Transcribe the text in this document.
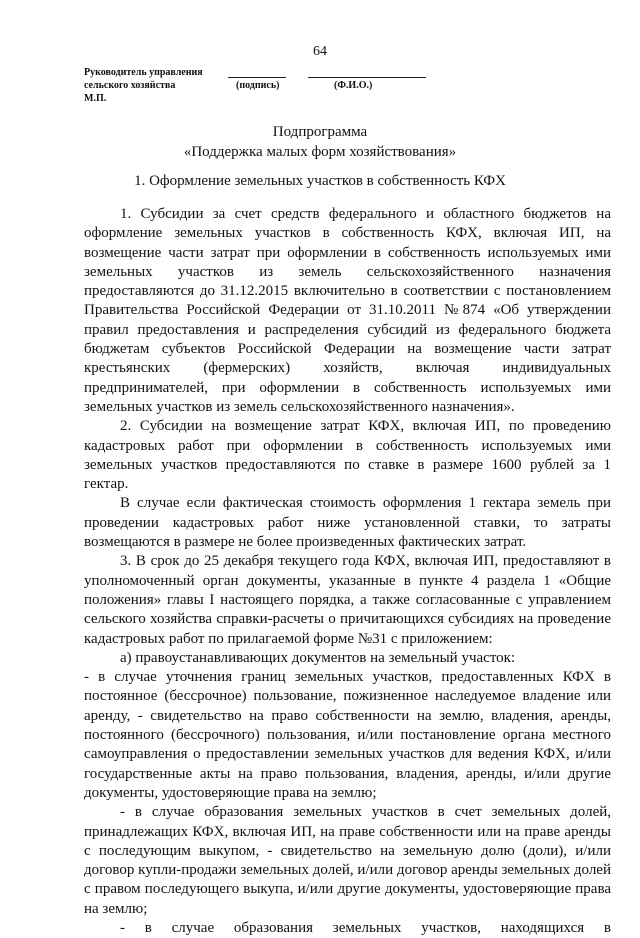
64
Руководитель управления
сельского хозяйства
М.П.
(подпись)	(Ф.И.О.)
Подпрограмма
«Поддержка малых форм хозяйствования»
1. Оформление земельных участков в собственность КФХ

1. Субсидии за счет средств федерального и областного бюджетов на оформление земельных участков в собственность КФХ, включая ИП, на возмещение части затрат при оформлении в собственность используемых ими земельных участков из земель сельскохозяйственного назначения предоставляются до 31.12.2015 включительно в соответствии с постановлением Правительства Российской Федерации от 31.10.2011 №874 «Об утверждении правил предоставления и распределения субсидий из федерального бюджета бюджетам субъектов Российской Федерации на возмещение части затрат крестьянских (фермерских) хозяйств, включая индивидуальных предпринимателей, при оформлении в собственность используемых ими земельных участков из земель сельскохозяйственного назначения».

2. Субсидии на возмещение затрат КФХ, включая ИП, по проведению кадастровых работ при оформлении в собственность используемых ими земельных участков предоставляются по ставке в размере 1600 рублей за 1 гектар.

В случае если фактическая стоимость оформления 1 гектара земель при проведении кадастровых работ ниже установленной ставки, то затраты возмещаются в размере не более произведенных фактических затрат.

3. В срок до 25 декабря текущего года КФХ, включая ИП, предоставляют в уполномоченный орган документы, указанные в пункте 4 раздела 1 «Общие положения» главы I настоящего порядка, а также согласованные с управлением сельского хозяйства справки-расчеты о причитающихся субсидиях на проведение кадастровых работ по прилагаемой форме №31 с приложением:

а) правоустанавливающих документов на земельный участок:

- в случае уточнения границ земельных участков, предоставленных КФХ в постоянное (бессрочное) пользование, пожизненное наследуемое владение или аренду, - свидетельство на право собственности на землю, владения, аренды, постоянного (бессрочного) пользования, и/или постановление органа местного самоуправления о предоставлении земельных участков для ведения КФХ, и/или государственные акты на право пользования, владения, аренды, и/или другие документы, удостоверяющие права на землю;

- в случае образования земельных участков в счет земельных долей, принадлежащих КФХ, включая ИП, на праве собственности или на праве аренды с последующим выкупом, - свидетельство на земельную долю (доли), и/или договор купли-продажи земельных долей, и/или договор аренды земельных долей с правом последующего выкупа, и/или другие документы, удостоверяющие права на землю;

- в случае образования земельных участков, находящихся в
